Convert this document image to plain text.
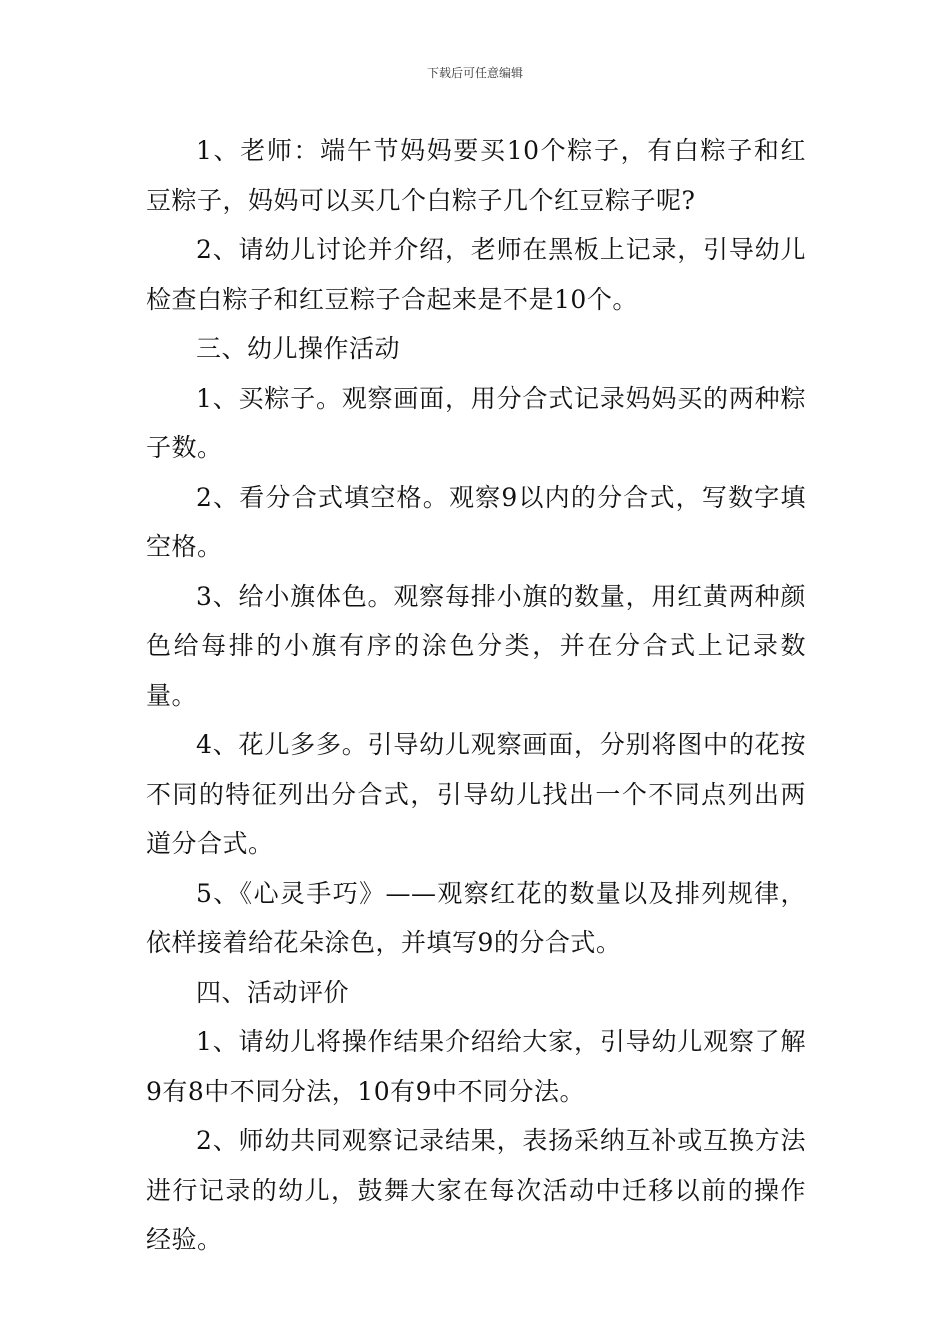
下载后可任意编辑

1、老师：端午节妈妈要买10个粽子，有白粽子和红豆粽子，妈妈可以买几个白粽子几个红豆粽子呢?

2、请幼儿讨论并介绍，老师在黑板上记录，引导幼儿检查白粽子和红豆粽子合起来是不是10个。

三、幼儿操作活动

1、买粽子。观察画面，用分合式记录妈妈买的两种粽子数。

2、看分合式填空格。观察9以内的分合式，写数字填空格。

3、给小旗体色。观察每排小旗的数量，用红黄两种颜色给每排的小旗有序的涂色分类，并在分合式上记录数量。

4、花儿多多。引导幼儿观察画面，分别将图中的花按不同的特征列出分合式，引导幼儿找出一个不同点列出两道分合式。

5、《心灵手巧》——观察红花的数量以及排列规律，依样接着给花朵涂色，并填写9的分合式。

四、活动评价

1、请幼儿将操作结果介绍给大家，引导幼儿观察了解9有8中不同分法，10有9中不同分法。

2、师幼共同观察记录结果，表扬采纳互补或互换方法进行记录的幼儿，鼓舞大家在每次活动中迁移以前的操作经验。
